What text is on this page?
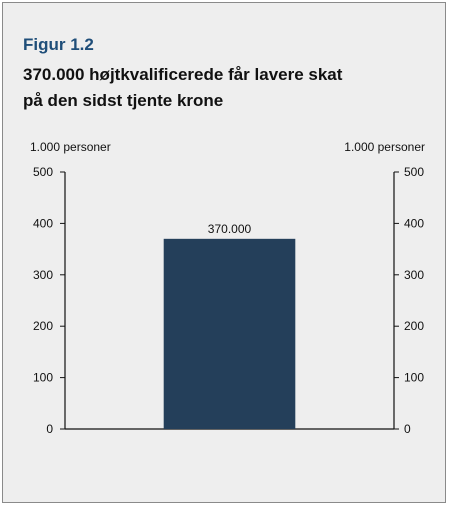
Figur 1.2
370.000 højtkvalificerede får lavere skat
på den sidst tjente krone
1.000 personer	1.000 personer
0	0
100	100
200	200
300	300
400	400
500	500
370.000
